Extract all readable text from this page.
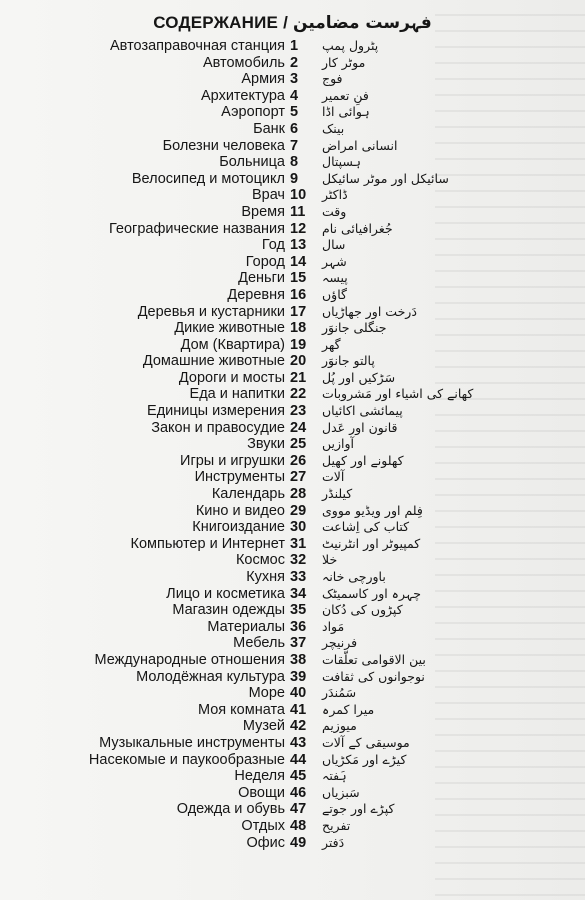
СОДЕРЖАНИЕ / فہرست مضامین
Автозаправочная станция 1	پٹرول پمپ
Автомобиль 2	موٹر کار
Армия 3	فوج
Архитектура 4	فنِ تعمیر
Аэропорт 5	ہوائی اڈا
Банк 6	بینک
Болезни человека 7	انسانی امراض
Больница 8	ہسپتال
Велосипед и мотоцикл 9	سائیکل اور موٹر سائیکل
Врач 10	ڈاکٹر
Время 11	وقت
Географические названия 12	جُغرافیائی نام
Год 13	سال
Город 14	شہر
Деньги 15	پیسہ
Деревня 16	گاؤں
Деревья и кустарники 17	دَرخت اور جھاڑیاں
Дикие животные 18	جنگلی جانوَر
Дом (Квартира) 19	گھر
Домашние животные 20	پالتو جانوَر
Дороги и мосты 21	سَڑکیں اور پُل
Еда и напитки 22	کھانے کی اشیاء اور مَشروبات
Единицы измерения 23	پیمائشی اکائیاں
Закон и правосудие 24	قانون اور عَدل
Звуки 25	آوازیں
Игры и игрушки 26	کھلونے اور کھیل
Инструменты 27	آلات
Календарь 28	کیلنڈر
Кино и видео 29	فِلم اور ویڈیو مووی
Книгоиздание 30	کتاب کی اِشاعت
Компьютер и Интернет 31	کمپیوٹر اور انٹرنیٹ
Космос 32	خلا
Кухня 33	باورچی خانہ
Лицо и косметика 34	چہرہ اور کاسمیٹک
Магазин одежды 35	کپڑوں کی دُکان
Материалы 36	مَواد
Мебель 37	فرنیچر
Международные отношения 38	بین الاقوامی تعلّقات
Молодёжная культура 39	نوجوانوں کی ثقافت
Море 40	سَمُندَر
Моя комната 41	میرا کمرہ
Музей 42	میوزیم
Музыкальные инструменты 43	موسیقی کے آلات
Насекомые и паукообразные 44	کیڑے اور مَکڑیاں
Неделя 45	ہَفتہ
Овощи 46	سَبزیاں
Одежда и обувь 47	کپڑے اور جوتے
Отдых 48	تفریح
Офис 49	دَفتر
